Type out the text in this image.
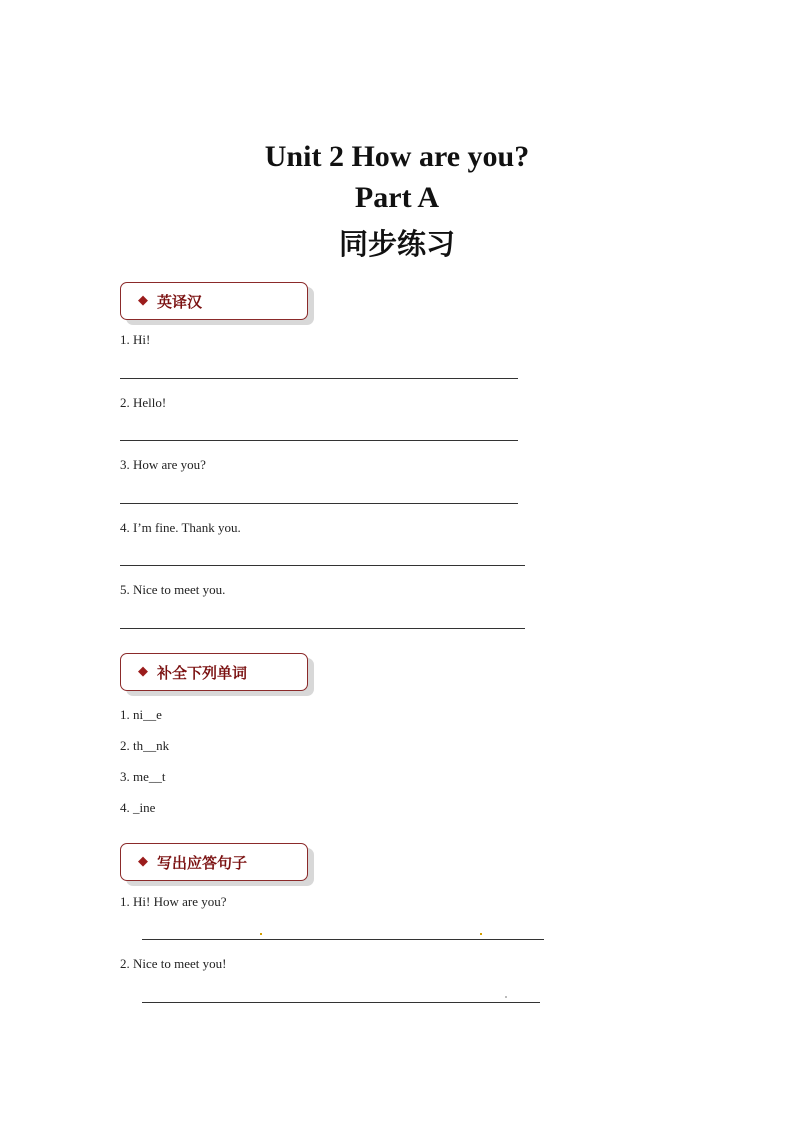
Unit 2 How are you?
Part A
同步练习
◆ 英译汉
1. Hi!
2. Hello!
3. How are you?
4. I’m fine. Thank you.
5. Nice to meet you.
◆ 补全下列单词
1. ni__e
2. th__nk
3. me__t
4. _ine
◆ 写出应答句子
1. Hi! How are you?
2. Nice to meet you!
